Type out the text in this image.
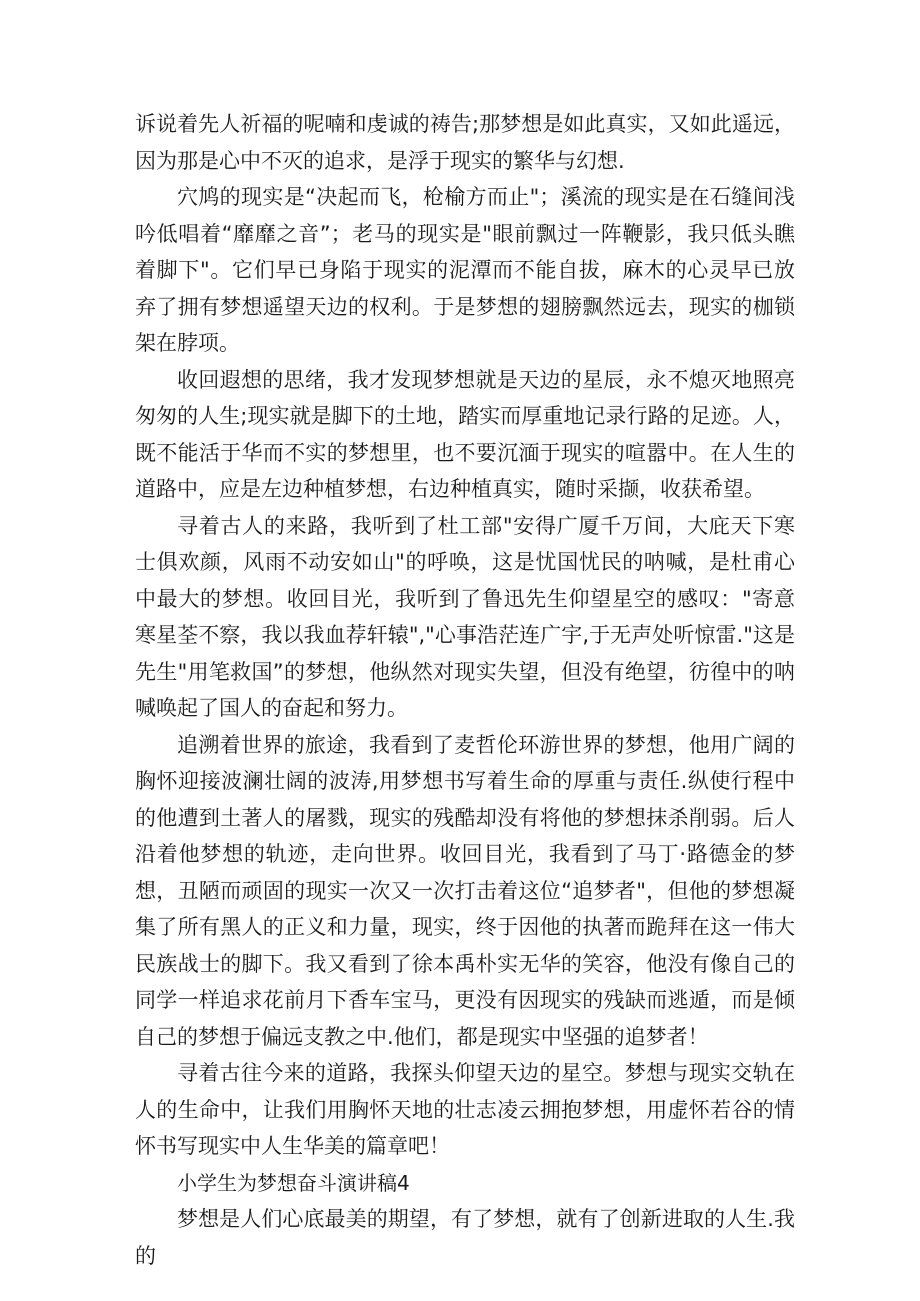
诉说着先人祈福的呢喃和虔诚的祷告;那梦想是如此真实，又如此遥远，因为那是心中不灭的追求，是浮于现实的繁华与幻想.

穴鸠的现实是“决起而飞，枪榆方而止"；溪流的现实是在石缝间浅吟低唱着“靡靡之音”；老马的现实是"眼前飘过一阵鞭影，我只低头瞧着脚下"。它们早已身陷于现实的泥潭而不能自拔，麻木的心灵早已放弃了拥有梦想遥望天边的权利。于是梦想的翅膀飘然远去，现实的枷锁架在脖项。

收回遐想的思绪，我才发现梦想就是天边的星辰，永不熄灭地照亮匆匆的人生;现实就是脚下的土地，踏实而厚重地记录行路的足迹。人，既不能活于华而不实的梦想里，也不要沉湎于现实的喧嚣中。在人生的道路中，应是左边种植梦想，右边种植真实，随时采撷，收获希望。

寻着古人的来路，我听到了杜工部"安得广厦千万间，大庇天下寒士俱欢颜，风雨不动安如山"的呼唤，这是忧国忧民的呐喊，是杜甫心中最大的梦想。收回目光，我听到了鲁迅先生仰望星空的感叹："寄意寒星荃不察，我以我血荐轩辕","心事浩茫连广宇,于无声处听惊雷."这是先生"用笔救国”的梦想，他纵然对现实失望，但没有绝望，彷徨中的呐喊唤起了国人的奋起和努力。

追溯着世界的旅途，我看到了麦哲伦环游世界的梦想，他用广阔的胸怀迎接波澜壮阔的波涛,用梦想书写着生命的厚重与责任.纵使行程中的他遭到土著人的屠戮，现实的残酷却没有将他的梦想抹杀削弱。后人沿着他梦想的轨迹，走向世界。收回目光，我看到了马丁·路德金的梦想，丑陋而顽固的现实一次又一次打击着这位“追梦者"，但他的梦想凝集了所有黑人的正义和力量，现实，终于因他的执著而跪拜在这一伟大民族战士的脚下。我又看到了徐本禹朴实无华的笑容，他没有像自己的同学一样追求花前月下香车宝马，更没有因现实的残缺而逃遁，而是倾自己的梦想于偏远支教之中.他们，都是现实中坚强的追梦者！

寻着古往今来的道路，我探头仰望天边的星空。梦想与现实交轨在人的生命中，让我们用胸怀天地的壮志凌云拥抱梦想，用虚怀若谷的情怀书写现实中人生华美的篇章吧！

小学生为梦想奋斗演讲稿4

梦想是人们心底最美的期望，有了梦想，就有了创新进取的人生.我的
